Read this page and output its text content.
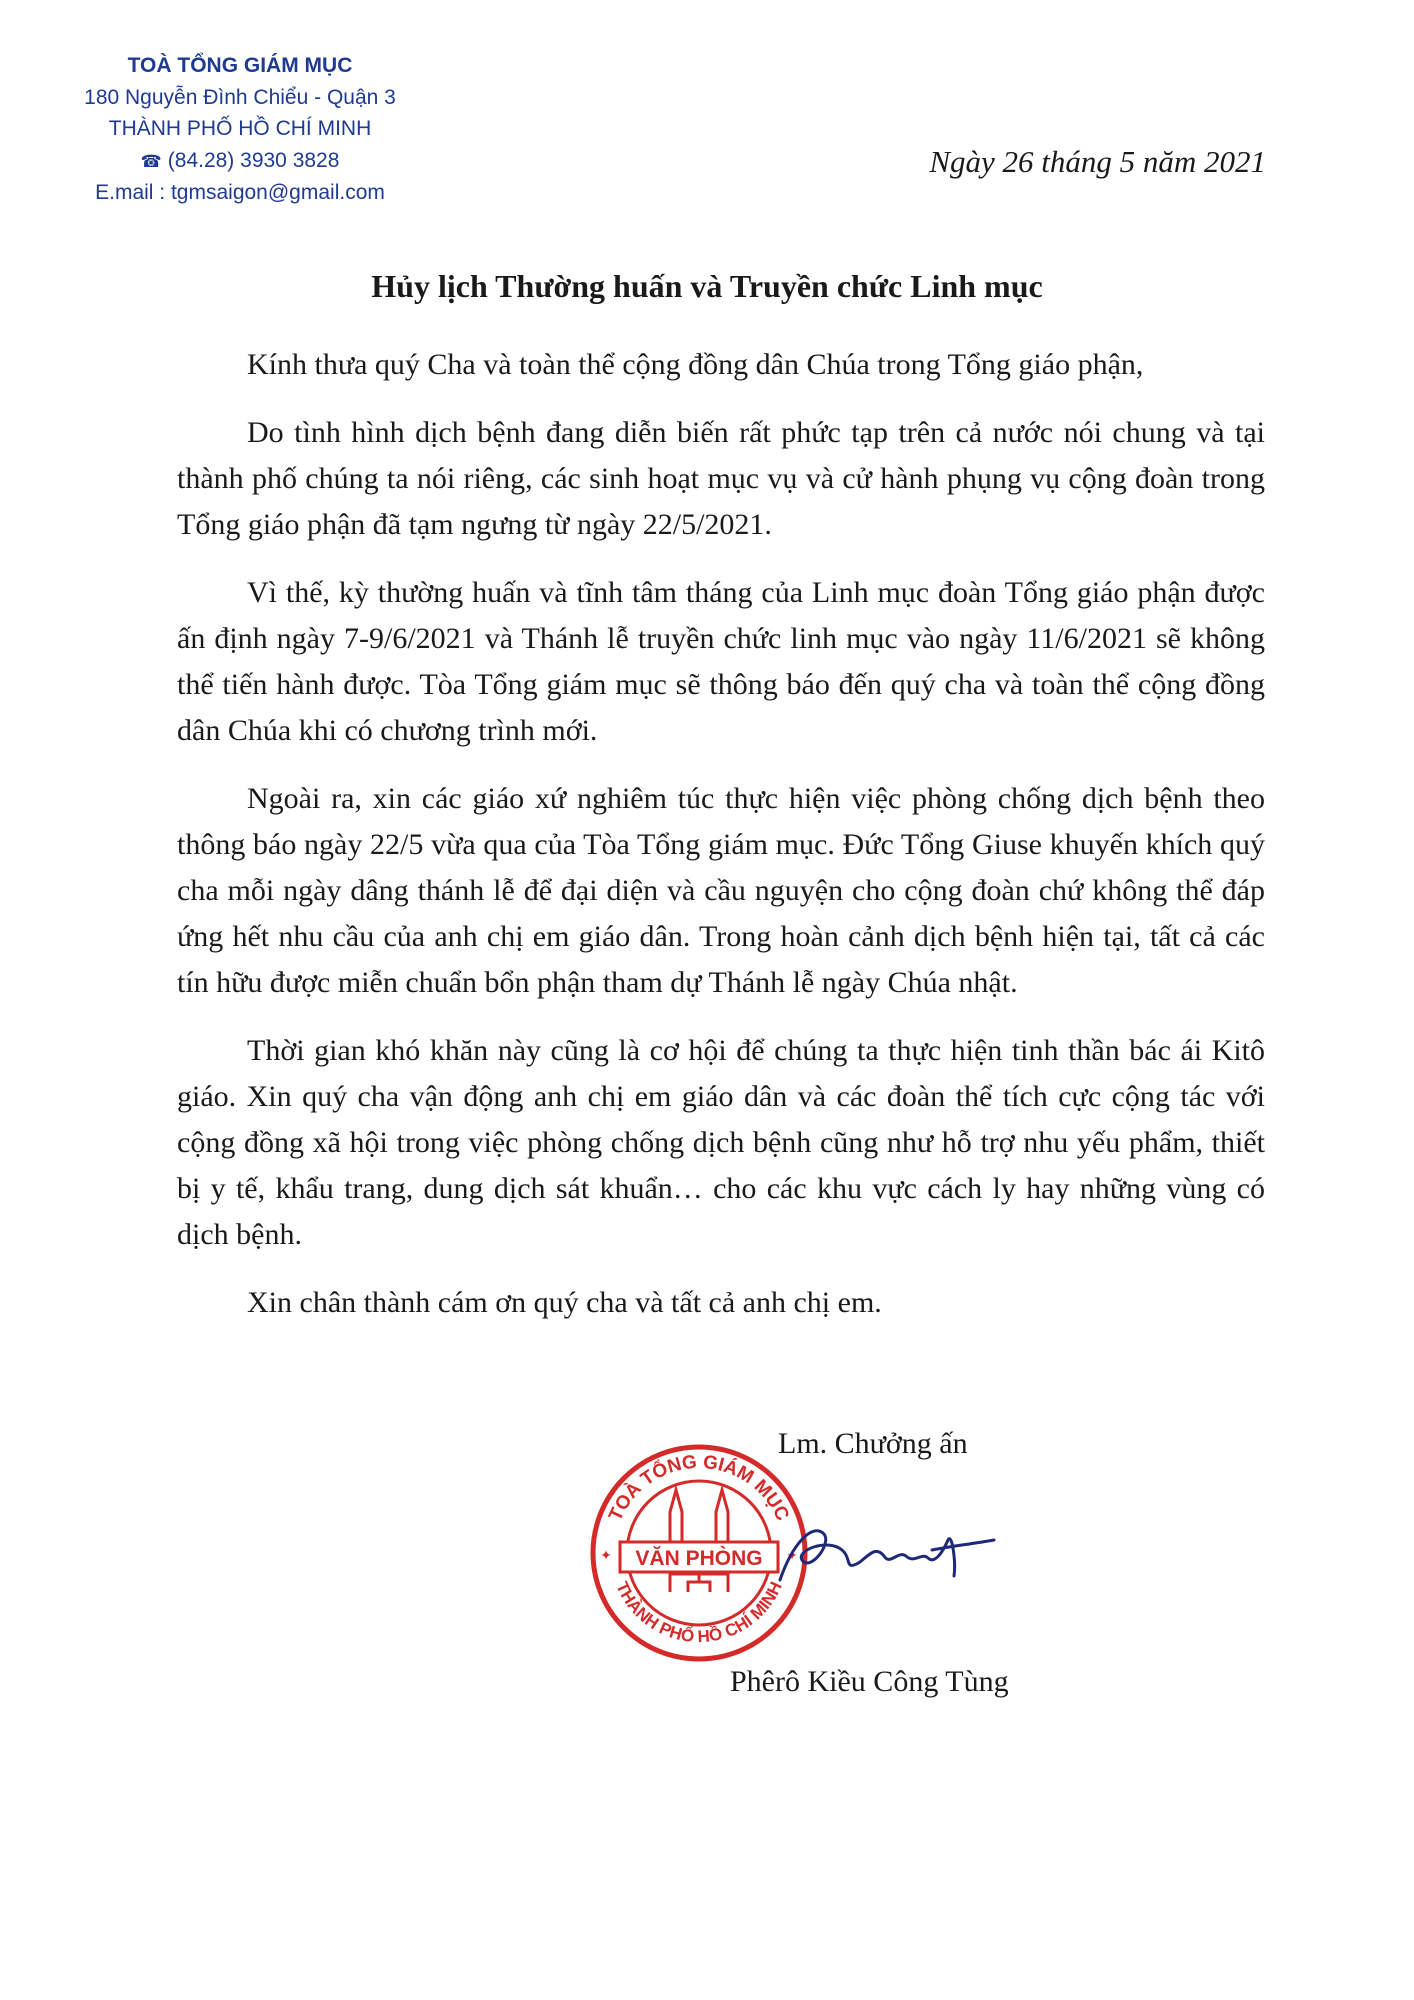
TOÀ TỔNG GIÁM MỤC
180 Nguyễn Đình Chiểu - Quận 3
THÀNH PHỐ HỒ CHÍ MINH
☎ (84.28) 3930 3828
E.mail : tgmsaigon@gmail.com
Ngày 26 tháng 5 năm 2021
Hủy lịch Thường huấn và Truyền chức Linh mục

Kính thưa quý Cha và toàn thể cộng đồng dân Chúa trong Tổng giáo phận,

Do tình hình dịch bệnh đang diễn biến rất phức tạp trên cả nước nói chung và tại thành phố chúng ta nói riêng, các sinh hoạt mục vụ và cử hành phụng vụ cộng đoàn trong Tổng giáo phận đã tạm ngưng từ ngày 22/5/2021.

Vì thế, kỳ thường huấn và tĩnh tâm tháng của Linh mục đoàn Tổng giáo phận được ấn định ngày 7-9/6/2021 và Thánh lễ truyền chức linh mục vào ngày 11/6/2021 sẽ không thể tiến hành được. Tòa Tổng giám mục sẽ thông báo đến quý cha và toàn thể cộng đồng dân Chúa khi có chương trình mới.

Ngoài ra, xin các giáo xứ nghiêm túc thực hiện việc phòng chống dịch bệnh theo thông báo ngày 22/5 vừa qua của Tòa Tổng giám mục. Đức Tổng Giuse khuyến khích quý cha mỗi ngày dâng thánh lễ để đại diện và cầu nguyện cho cộng đoàn chứ không thể đáp ứng hết nhu cầu của anh chị em giáo dân. Trong hoàn cảnh dịch bệnh hiện tại, tất cả các tín hữu được miễn chuẩn bổn phận tham dự Thánh lễ ngày Chúa nhật.

Thời gian khó khăn này cũng là cơ hội để chúng ta thực hiện tinh thần bác ái Kitô giáo. Xin quý cha vận động anh chị em giáo dân và các đoàn thể tích cực cộng tác với cộng đồng xã hội trong việc phòng chống dịch bệnh cũng như hỗ trợ nhu yếu phẩm, thiết bị y tế, khẩu trang, dung dịch sát khuẩn… cho các khu vực cách ly hay những vùng có dịch bệnh.

Xin chân thành cám ơn quý cha và tất cả anh chị em.

Lm. Chưởng ấn
TOÀ TỔNG GIÁM MỤC
THÀNH PHỐ HỒ CHÍ MINH
VĂN PHÒNG
✦	✦
Phêrô Kiều Công Tùng
